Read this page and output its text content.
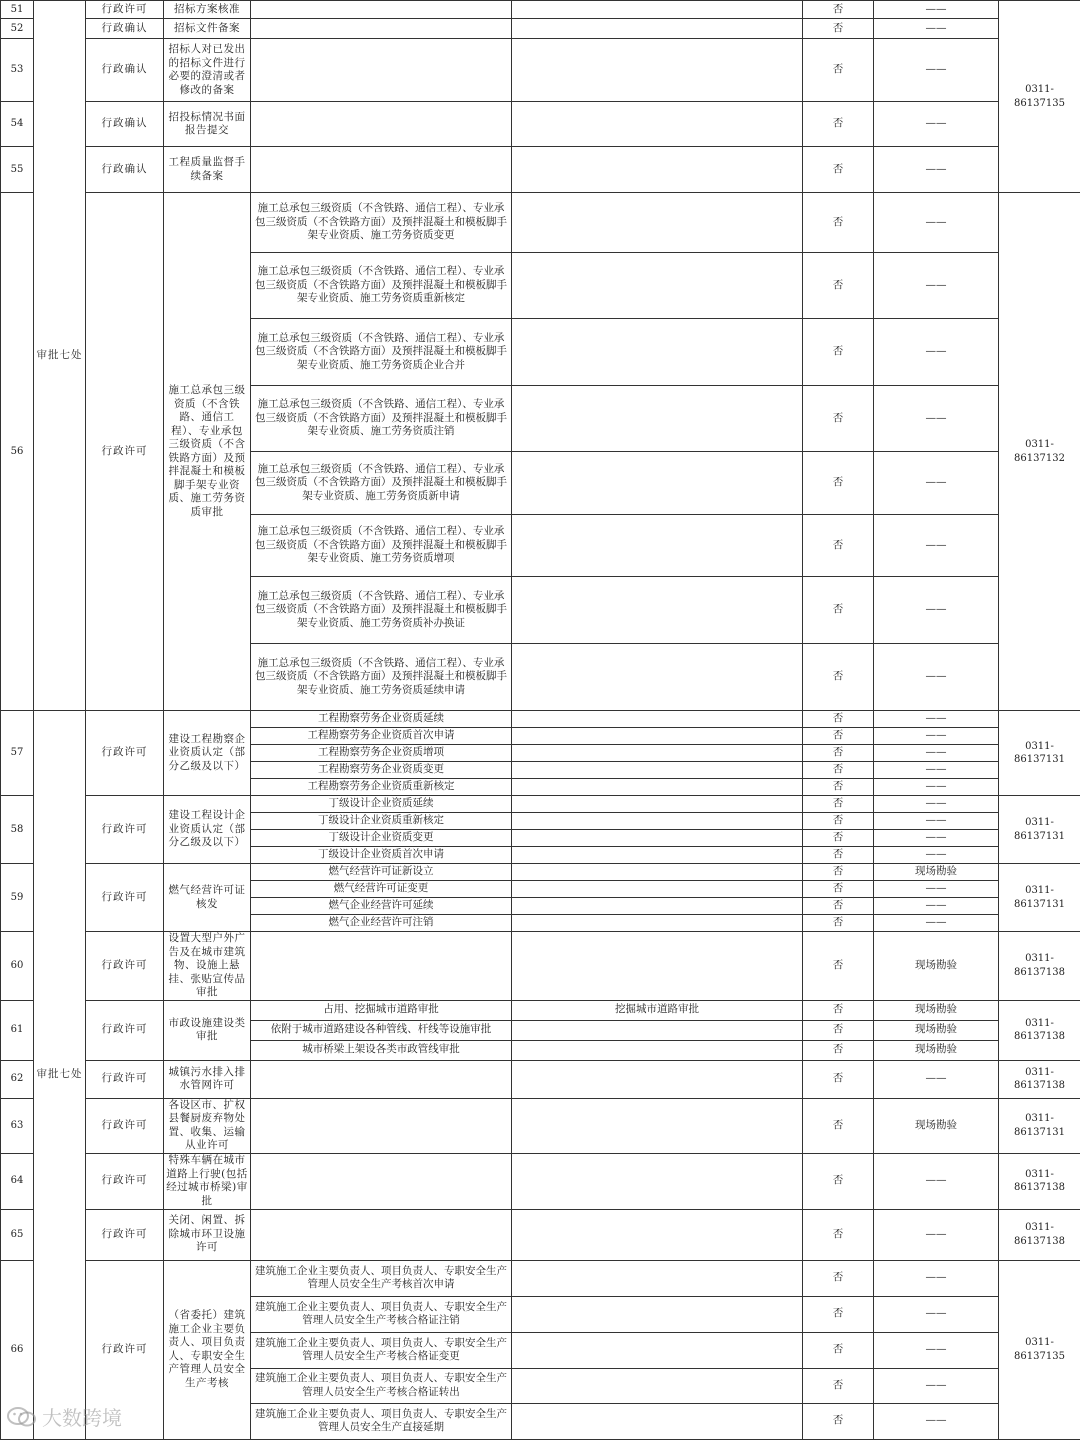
51	审批七处	行政许可	招标方案核准			否	——	0311-86137135
52		行政确认	招标文件备案			否	——	
53		行政确认	招标人对已发出的招标文件进行必要的澄清或者修改的备案			否	——	
54		行政确认	招投标情况书面报告提交			否	——	
55		行政确认	工程质量监督手续备案			否	——	
56		行政许可	施工总承包三级资质（不含铁路、通信工程）、专业承包三级资质（不含铁路方面）及预拌混凝土和模板脚手架专业资质、施工劳务资质审批	施工总承包三级资质（不含铁路、通信工程）、专业承包三级资质（不含铁路方面）及预拌混凝土和模板脚手架专业资质、施工劳务资质变更		否	——	0311-86137132
				施工总承包三级资质（不含铁路、通信工程）、专业承包三级资质（不含铁路方面）及预拌混凝土和模板脚手架专业资质、施工劳务资质重新核定		否	——	
				施工总承包三级资质（不含铁路、通信工程）、专业承包三级资质（不含铁路方面）及预拌混凝土和模板脚手架专业资质、施工劳务资质企业合并		否	——	
				施工总承包三级资质（不含铁路、通信工程）、专业承包三级资质（不含铁路方面）及预拌混凝土和模板脚手架专业资质、施工劳务资质注销		否	——	
				施工总承包三级资质（不含铁路、通信工程）、专业承包三级资质（不含铁路方面）及预拌混凝土和模板脚手架专业资质、施工劳务资质新申请		否	——	
				施工总承包三级资质（不含铁路、通信工程）、专业承包三级资质（不含铁路方面）及预拌混凝土和模板脚手架专业资质、施工劳务资质增项		否	——	
				施工总承包三级资质（不含铁路、通信工程）、专业承包三级资质（不含铁路方面）及预拌混凝土和模板脚手架专业资质、施工劳务资质补办换证		否	——	
				施工总承包三级资质（不含铁路、通信工程）、专业承包三级资质（不含铁路方面）及预拌混凝土和模板脚手架专业资质、施工劳务资质延续申请		否	——	
57	审批七处	行政许可	建设工程勘察企业资质认定（部分乙级及以下）	工程勘察劳务企业资质延续		否	——	0311-86137131
				工程勘察劳务企业资质首次申请		否	——	
				工程勘察劳务企业资质增项		否	——	
				工程勘察劳务企业资质变更		否	——	
				工程勘察劳务企业资质重新核定		否	——	
58		行政许可	建设工程设计企业资质认定（部分乙级及以下）	丁级设计企业资质延续		否	——	0311-86137131
				丁级设计企业资质重新核定		否	——	
				丁级设计企业资质变更		否	——	
				丁级设计企业资质首次申请		否	——	
59		行政许可	燃气经营许可证核发	燃气经营许可证新设立		否	现场勘验	0311-86137131
				燃气经营许可证变更		否	——	
				燃气企业经营许可延续		否	——	
				燃气企业经营许可注销		否	——	
60		行政许可	设置大型户外广告及在城市建筑物、设施上悬挂、张贴宣传品审批			否	现场勘验	0311-86137138
61		行政许可	市政设施建设类审批	占用、挖掘城市道路审批	挖掘城市道路审批	否	现场勘验	0311-86137138
				依附于城市道路建设各种管线、杆线等设施审批		否	现场勘验	
				城市桥梁上架设各类市政管线审批		否	现场勘验	
62		行政许可	城镇污水排入排水管网许可			否	——	0311-86137138
63		行政许可	各设区市、扩权县餐厨废弃物处置、收集、运输从业许可			否	现场勘验	0311-86137131
64		行政许可	特殊车辆在城市道路上行驶(包括经过城市桥梁)审批			否	——	0311-86137138
65		行政许可	关闭、闲置、拆除城市环卫设施许可			否	——	0311-86137138
66		行政许可	（省委托）建筑施工企业主要负责人、项目负责人、专职安全生产管理人员安全生产考核	建筑施工企业主要负责人、项目负责人、专职安全生产管理人员安全生产考核首次申请		否	——	0311-86137135
				建筑施工企业主要负责人、项目负责人、专职安全生产管理人员安全生产考核合格证注销		否	——	
				建筑施工企业主要负责人、项目负责人、专职安全生产管理人员安全生产考核合格证变更		否	——	
				建筑施工企业主要负责人、项目负责人、专职安全生产管理人员安全生产考核合格证转出		否	——	
				建筑施工企业主要负责人、项目负责人、专职安全生产管理人员安全生产直接延期		否	——	
大数跨境
